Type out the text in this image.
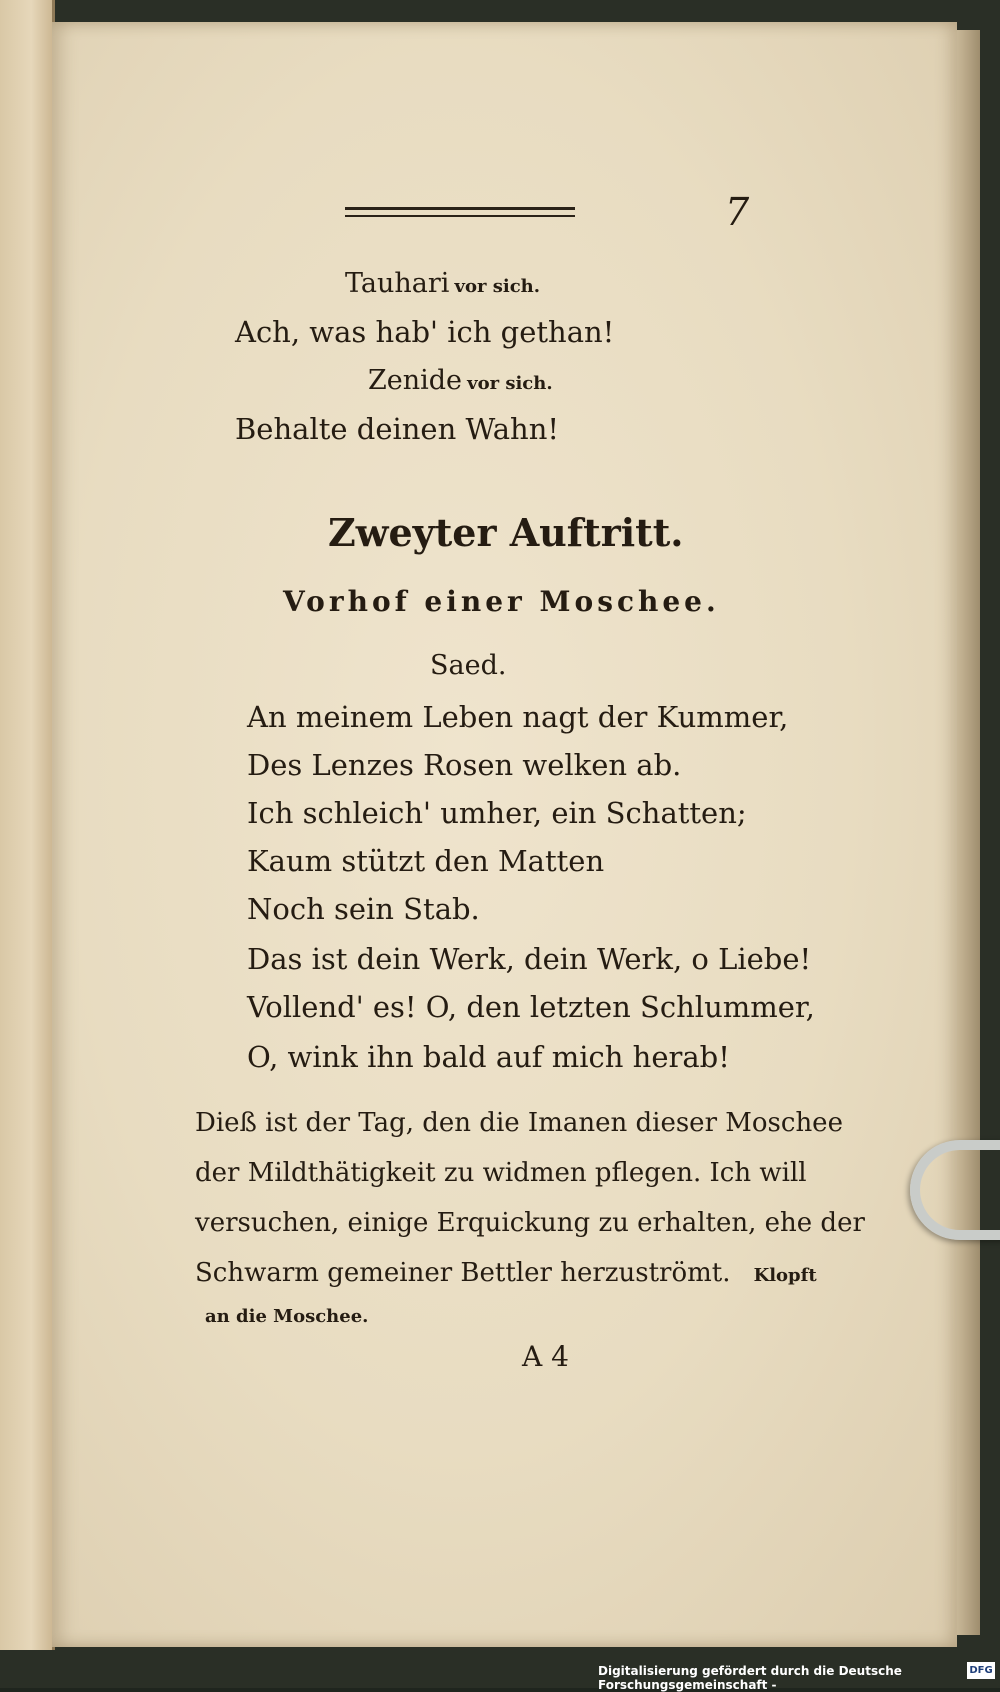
7
Tauhari vor sich.
Ach, was hab' ich gethan!
Zenide vor sich.
Behalte deinen Wahn!
Zweyter Auftritt.
Vorhof einer Moschee.
Saed.
An meinem Leben nagt der Kummer,
Des Lenzes Rosen welken ab.
Ich schleich' umher, ein Schatten;
Kaum stützt den Matten
Noch sein Stab.
Das ist dein Werk, dein Werk, o Liebe!
Vollend' es! O, den letzten Schlummer,
O, wink ihn bald auf mich herab!
Dieß ist der Tag, den die Imanen dieser Moschee
der Mildthätigkeit zu widmen pflegen. Ich will
versuchen, einige Erquickung zu erhalten, ehe der
Schwarm gemeiner Bettler herzuströmt. Klopft
an die Moschee.
A 4
Digitalisierung gefördert durch die Deutsche Forschungsgemeinschaft -
DFG
